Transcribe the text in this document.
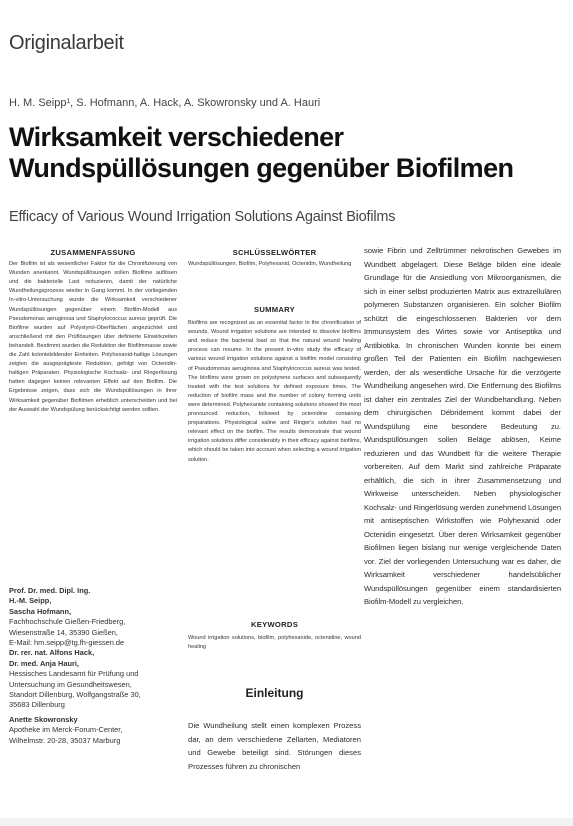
Originalarbeit
H. M. Seipp¹, S. Hofmann, A. Hack, A. Skowronsky und A. Hauri
Wirksamkeit verschiedener
Wundspüllösungen gegenüber Biofilmen
Efficacy of Various Wound Irrigation Solutions Against Biofilms
ZUSAMMENFASSUNG

Der Biofilm ist als wesentlicher Faktor für die Chronifizierung von Wunden anerkannt. Wundspüllösungen sollen Biofilme auflösen und die bakterielle Last reduzieren, damit der natürliche Wundheilungsprozess wieder in Gang kommt. In der vorliegenden In-vitro-Untersuchung wurde die Wirksamkeit verschiedener Wundspüllösungen gegenüber einem Biofilm-Modell aus Pseudomonas aeruginosa und Staphylococcus aureus geprüft. Die Biofilme wurden auf Polystyrol-Oberflächen angezüchtet und anschließend mit den Prüflösungen über definierte Einwirkzeiten behandelt. Bestimmt wurden die Reduktion der Biofilmmasse sowie die Zahl koloniebildender Einheiten. Polyhexanid-haltige Lösungen zeigten die ausgeprägteste Reduktion, gefolgt von Octenidin-haltigen Präparaten. Physiologische Kochsalz- und Ringerlösung hatten dagegen keinen relevanten Effekt auf den Biofilm. Die Ergebnisse zeigen, dass sich die Wundspüllösungen in ihrer Wirksamkeit gegenüber Biofilmen erheblich unterscheiden und bei der Auswahl der Wundspülung berücksichtigt werden sollten.

Prof. Dr. med. Dipl. Ing.
H.-M. Seipp,
Sascha Hofmann,
Fachhochschule Gießen-Friedberg,
Wiesenstraße 14, 35390 Gießen,
E-Mail: hm.seipp@tg.fh-giessen.de
Dr. rer. nat. Alfons Hack,
Dr. med. Anja Hauri,
Hessisches Landesamt für Prüfung und
Untersuchung im Gesundheitswesen,
Standort Dillenburg, Wolfgangstraße 30,
35683 Dillenburg
Anette Skowronsky
Apotheke im Merck-Forum-Center,
Wilhelmstr. 20-28, 35037 Marburg
SCHLÜSSELWÖRTER

Wundspüllösungen, Biofilm, Polyhexanid, Octenidin, Wundheilung

SUMMARY

Biofilms are recognized as an essential factor in the chronification of wounds. Wound irrigation solutions are intended to dissolve biofilms and reduce the bacterial load so that the natural wound healing process can resume. In the present in-vitro study the efficacy of various wound irrigation solutions against a biofilm model consisting of Pseudomonas aeruginosa and Staphylococcus aureus was tested. The biofilms were grown on polystyrene surfaces and subsequently treated with the test solutions for defined exposure times. The reduction of biofilm mass and the number of colony forming units were determined. Polyhexanide containing solutions showed the most pronounced reduction, followed by octenidine containing preparations. Physiological saline and Ringer's solution had no relevant effect on the biofilm. The results demonstrate that wound irrigation solutions differ considerably in their efficacy against biofilms, which should be taken into account when selecting a wound irrigation solution.

KEYWORDS

Wound irrigation solutions, biofilm, polyhexanide, octenidine, wound healing

Einleitung

Die Wundheilung stellt einen komplexen Prozess dar, an dem verschiedene Zellarten, Mediatoren und Gewebe beteiligt sind. Störungen dieses Prozesses führen zu chronischen

sowie Fibrin und Zelltrümmer nekrotischen Gewebes im Wundbett abgelagert. Diese Beläge bilden eine ideale Grundlage für die Ansiedlung von Mikroorganismen, die sich in einer selbst produzierten Matrix aus extrazellulären polymeren Substanzen organisieren. Ein solcher Biofilm schützt die eingeschlossenen Bakterien vor dem Immunsystem des Wirtes sowie vor Antiseptika und Antibiotika. In chronischen Wunden konnte bei einem großen Teil der Patienten ein Biofilm nachgewiesen werden, der als wesentliche Ursache für die verzögerte Wundheilung angesehen wird. Die Entfernung des Biofilms ist daher ein zentrales Ziel der Wundbehandlung. Neben dem chirurgischen Débridement kommt dabei der Wundspülung eine besondere Bedeutung zu. Wundspüllösungen sollen Beläge ablösen, Keime reduzieren und das Wundbett für die weitere Therapie vorbereiten. Auf dem Markt sind zahlreiche Präparate erhältlich, die sich in ihrer Zusammensetzung und Wirkweise unterscheiden. Neben physiologischer Kochsalz- und Ringerlösung werden zunehmend Lösungen mit antiseptischen Wirkstoffen wie Polyhexanid oder Octenidin eingesetzt. Über deren Wirksamkeit gegenüber Biofilmen liegen bislang nur wenige vergleichende Daten vor. Ziel der vorliegenden Untersuchung war es daher, die Wirksamkeit verschiedener handelsüblicher Wundspüllösungen gegenüber einem standardisierten Biofilm-Modell zu vergleichen.
